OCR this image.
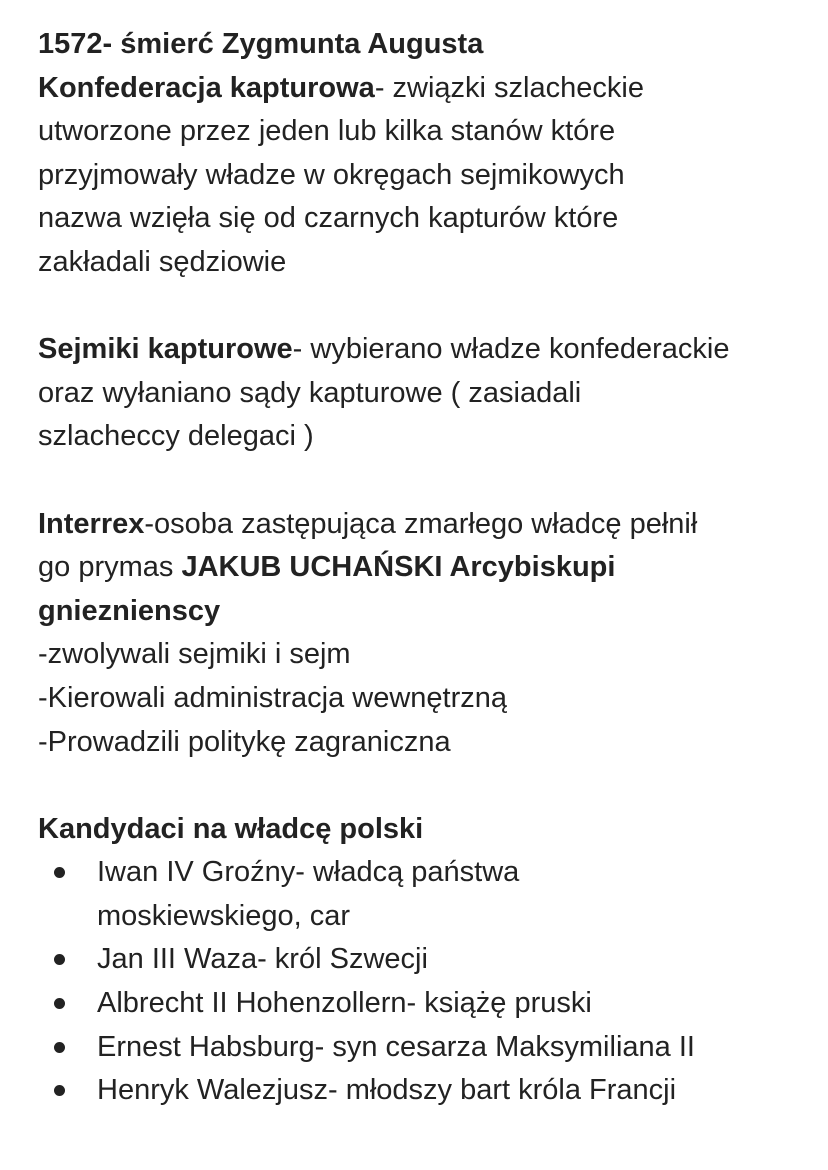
1572- śmierć Zygmunta Augusta
Konfederacja kapturowa- związki szlacheckie
utworzone przez jeden lub kilka stanów które
przyjmowały władze w okręgach sejmikowych
nazwa wzięła się od czarnych kapturów które
zakładali sędziowie
Sejmiki kapturowe- wybierano władze konfederackie
oraz wyłaniano sądy kapturowe ( zasiadali
szlacheccy delegaci )
Interrex-osoba zastępująca zmarłego władcę pełnił
go prymas JAKUB UCHAŃSKI Arcybiskupi
gnieznienscy
-zwolywali sejmiki i sejm
-Kierowali administracja wewnętrzną
-Prowadzili politykę zagraniczna
Kandydaci na władcę polski
Iwan IV Groźny- władcą państwa
moskiewskiego, car
Jan III Waza- król Szwecji
Albrecht II Hohenzollern- książę pruski
Ernest Habsburg- syn cesarza Maksymiliana II
Henryk Walezjusz- młodszy bart króla Francji
